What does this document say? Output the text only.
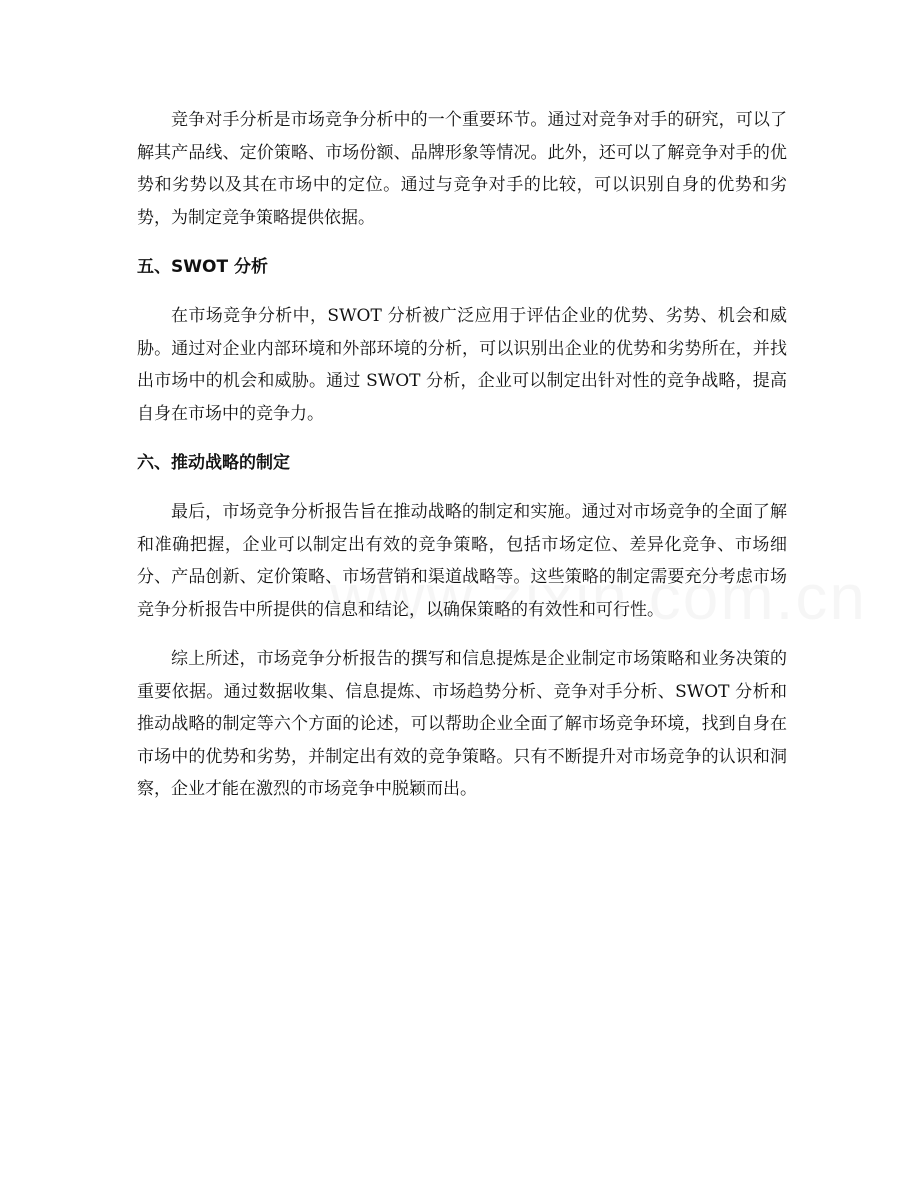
竞争对手分析是市场竞争分析中的一个重要环节。通过对竞争对手的研究，可以了解其产品线、定价策略、市场份额、品牌形象等情况。此外，还可以了解竞争对手的优势和劣势以及其在市场中的定位。通过与竞争对手的比较，可以识别自身的优势和劣势，为制定竞争策略提供依据。

五、SWOT 分析

在市场竞争分析中，SWOT 分析被广泛应用于评估企业的优势、劣势、机会和威胁。通过对企业内部环境和外部环境的分析，可以识别出企业的优势和劣势所在，并找出市场中的机会和威胁。通过 SWOT 分析，企业可以制定出针对性的竞争战略，提高自身在市场中的竞争力。

六、推动战略的制定

最后，市场竞争分析报告旨在推动战略的制定和实施。通过对市场竞争的全面了解和准确把握，企业可以制定出有效的竞争策略，包括市场定位、差异化竞争、市场细分、产品创新、定价策略、市场营销和渠道战略等。这些策略的制定需要充分考虑市场竞争分析报告中所提供的信息和结论，以确保策略的有效性和可行性。

综上所述，市场竞争分析报告的撰写和信息提炼是企业制定市场策略和业务决策的重要依据。通过数据收集、信息提炼、市场趋势分析、竞争对手分析、SWOT 分析和推动战略的制定等六个方面的论述，可以帮助企业全面了解市场竞争环境，找到自身在市场中的优势和劣势，并制定出有效的竞争策略。只有不断提升对市场竞争的认识和洞察，企业才能在激烈的市场竞争中脱颖而出。
